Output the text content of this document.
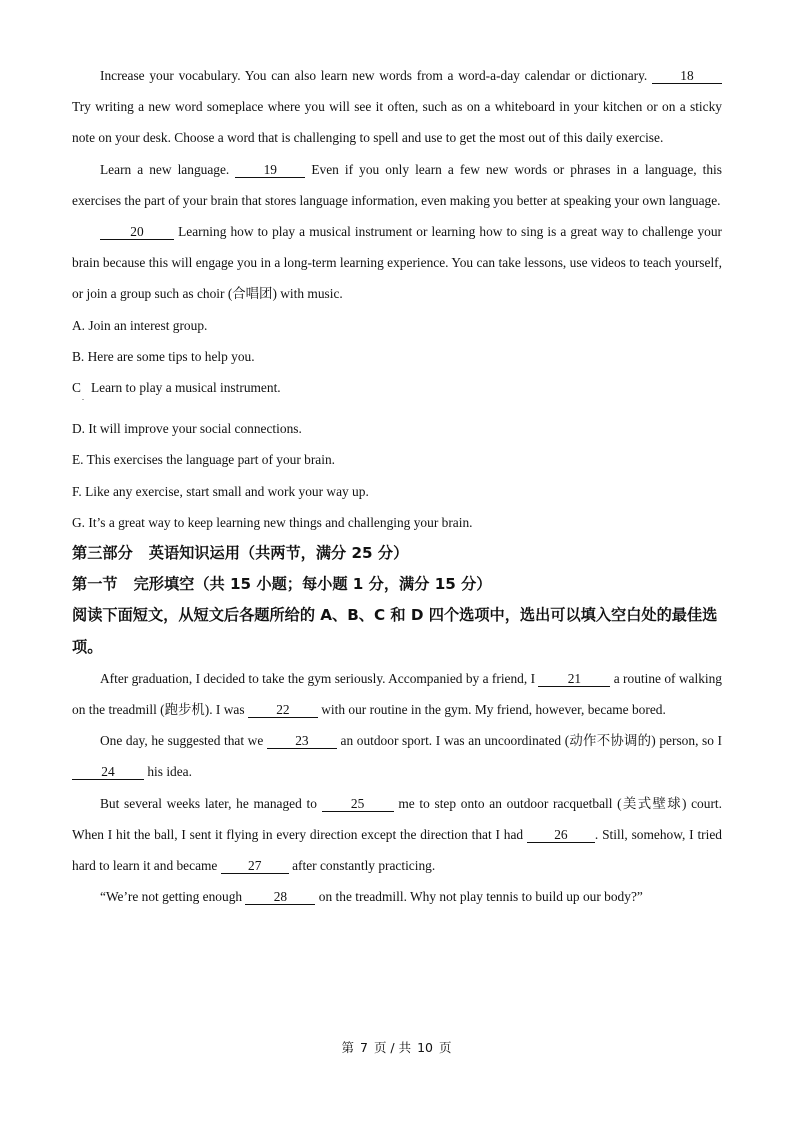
Increase your vocabulary. You can also learn new words from a word-a-day calendar or dictionary. 18 Try writing a new word someplace where you will see it often, such as on a whiteboard in your kitchen or on a sticky note on your desk. Choose a word that is challenging to spell and use to get the most out of this daily exercise.

Learn a new language. 19 Even if you only learn a few new words or phrases in a language, this exercises the part of your brain that stores language information, even making you better at speaking your own language.

20 Learning how to play a musical instrument or learning how to sing is a great way to challenge your brain because this will engage you in a long-term learning experience. You can take lessons, use videos to teach yourself, or join a group such as choir (合唱团) with music.

A. Join an interest group.

B. Here are some tips to help you.

C
.
Learn to play a musical instrument.

D. It will improve your social connections.

E. This exercises the language part of your brain.

F. Like any exercise, start small and work your way up.

G. It’s a great way to keep learning new things and challenging your brain.

第三部分 英语知识运用（共两节，满分 25 分）

第一节 完形填空（共 15 小题；每小题 1 分，满分 15 分）

阅读下面短文，从短文后各题所给的 A、B、C 和 D 四个选项中，选出可以填入空白处的最佳选项。

After graduation, I decided to take the gym seriously. Accompanied by a friend, I 21 a routine of walking on the treadmill (跑步机). I was 22 with our routine in the gym. My friend, however, became bored.

One day, he suggested that we 23 an outdoor sport. I was an uncoordinated (动作不协调的) person, so I 24 his idea.

But several weeks later, he managed to 25 me to step onto an outdoor racquetball (美式壁球) court. When I hit the ball, I sent it flying in every direction except the direction that I had 26 . Still, somehow, I tried hard to learn it and became 27 after constantly practicing.

“We’re not getting enough 28 on the treadmill. Why not play tennis to build up our body?”

第 7 页 / 共 10 页
